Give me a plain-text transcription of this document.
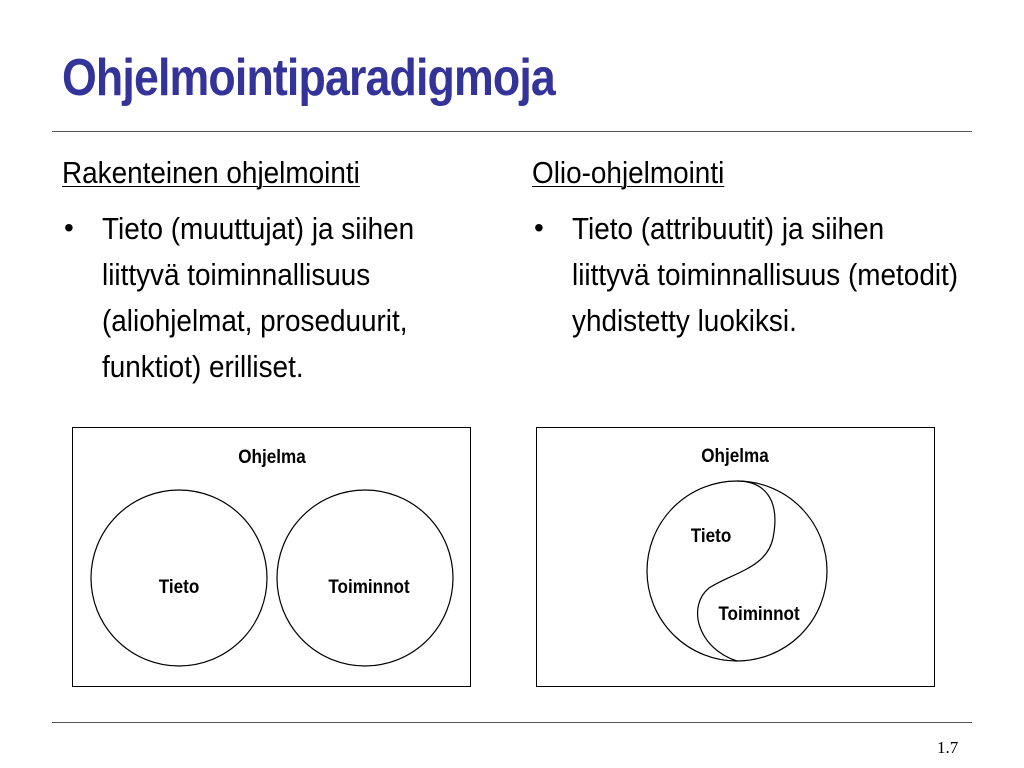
Ohjelmointiparadigmoja
Rakenteinen ohjelmointi
• Tieto (muuttujat) ja siihen liittyvä toiminnallisuus (aliohjelmat, proseduurit, funktiot) erilliset.
Olio-ohjelmointi
• Tieto (attribuutit) ja siihen liittyvä toiminnallisuus (metodit) yhdistetty luokiksi.
Ohjelma
Tieto	Toiminnot
Ohjelma
Tieto
Toiminnot
1.7
